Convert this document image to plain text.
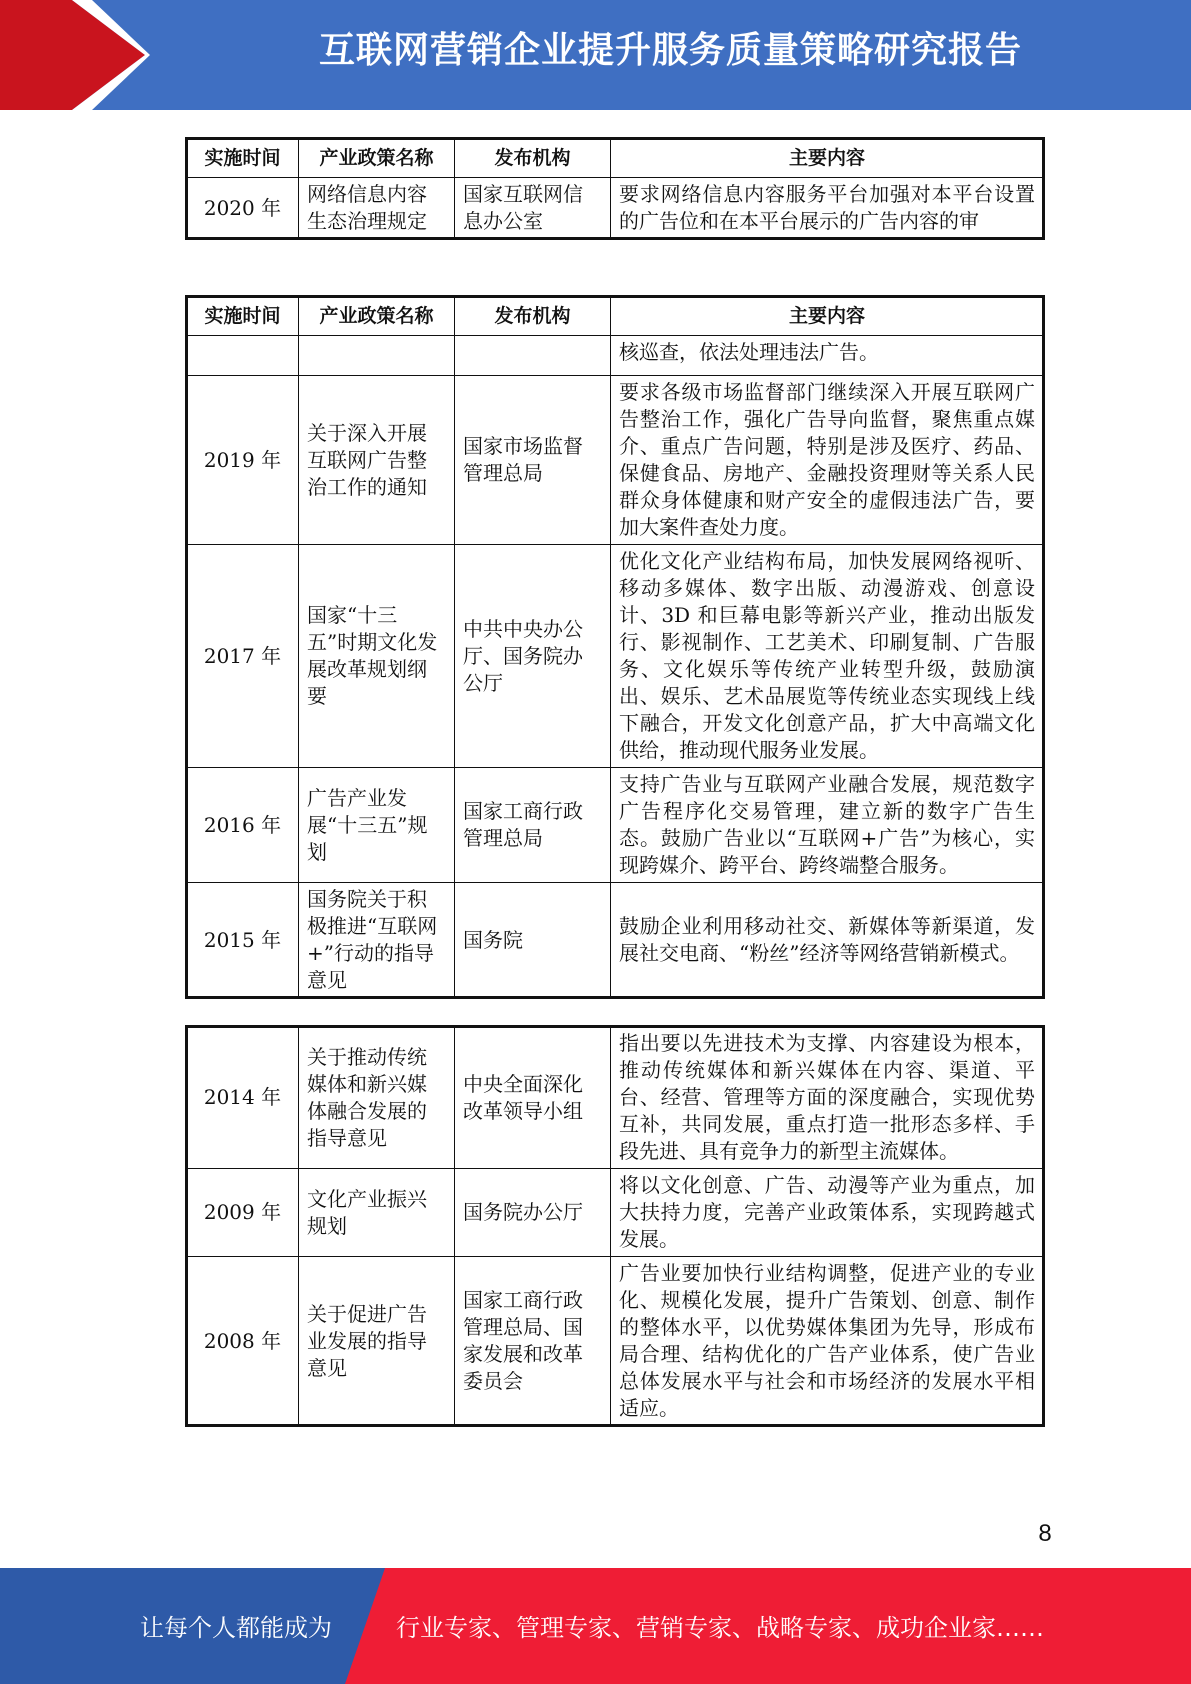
互联网营销企业提升服务质量策略研究报告
实施时间	产业政策名称	发布机构	主要内容
2020 年	网络信息内容生态治理规定	国家互联网信息办公室	要求网络信息内容服务平台加强对本平台设置的广告位和在本平台展示的广告内容的审
实施时间	产业政策名称	发布机构	主要内容
			核巡查，依法处理违法广告。
2019 年	关于深入开展互联网广告整治工作的通知	国家市场监督管理总局	要求各级市场监督部门继续深入开展互联网广告整治工作，强化广告导向监督，聚焦重点媒介、重点广告问题，特别是涉及医疗、药品、保健食品、房地产、金融投资理财等关系人民群众身体健康和财产安全的虚假违法广告，要加大案件查处力度。
2017 年	国家“十三五”时期文化发展改革规划纲要	中共中央办公厅、国务院办公厅	优化文化产业结构布局，加快发展网络视听、移动多媒体、数字出版、动漫游戏、创意设计、3D 和巨幕电影等新兴产业，推动出版发行、影视制作、工艺美术、印刷复制、广告服务、文化娱乐等传统产业转型升级，鼓励演出、娱乐、艺术品展览等传统业态实现线上线下融合，开发文化创意产品，扩大中高端文化供给，推动现代服务业发展。
2016 年	广告产业发展“十三五”规划	国家工商行政管理总局	支持广告业与互联网产业融合发展，规范数字广告程序化交易管理，建立新的数字广告生态。鼓励广告业以“互联网+广告”为核心，实现跨媒介、跨平台、跨终端整合服务。
2015 年	国务院关于积极推进“互联网+”行动的指导意见	国务院	鼓励企业利用移动社交、新媒体等新渠道，发展社交电商、“粉丝”经济等网络营销新模式。
2014 年	关于推动传统媒体和新兴媒体融合发展的指导意见	中央全面深化改革领导小组	指出要以先进技术为支撑、内容建设为根本，推动传统媒体和新兴媒体在内容、渠道、平台、经营、管理等方面的深度融合，实现优势互补，共同发展，重点打造一批形态多样、手段先进、具有竞争力的新型主流媒体。
2009 年	文化产业振兴规划	国务院办公厅	将以文化创意、广告、动漫等产业为重点，加大扶持力度，完善产业政策体系，实现跨越式发展。
2008 年	关于促进广告业发展的指导意见	国家工商行政管理总局、国家发展和改革委员会	广告业要加快行业结构调整，促进产业的专业化、规模化发展，提升广告策划、创意、制作的整体水平，以优势媒体集团为先导，形成布局合理、结构优化的广告产业体系，使广告业总体发展水平与社会和市场经济的发展水平相适应。
8
让每个人都能成为	行业专家、管理专家、营销专家、战略专家、成功企业家……
